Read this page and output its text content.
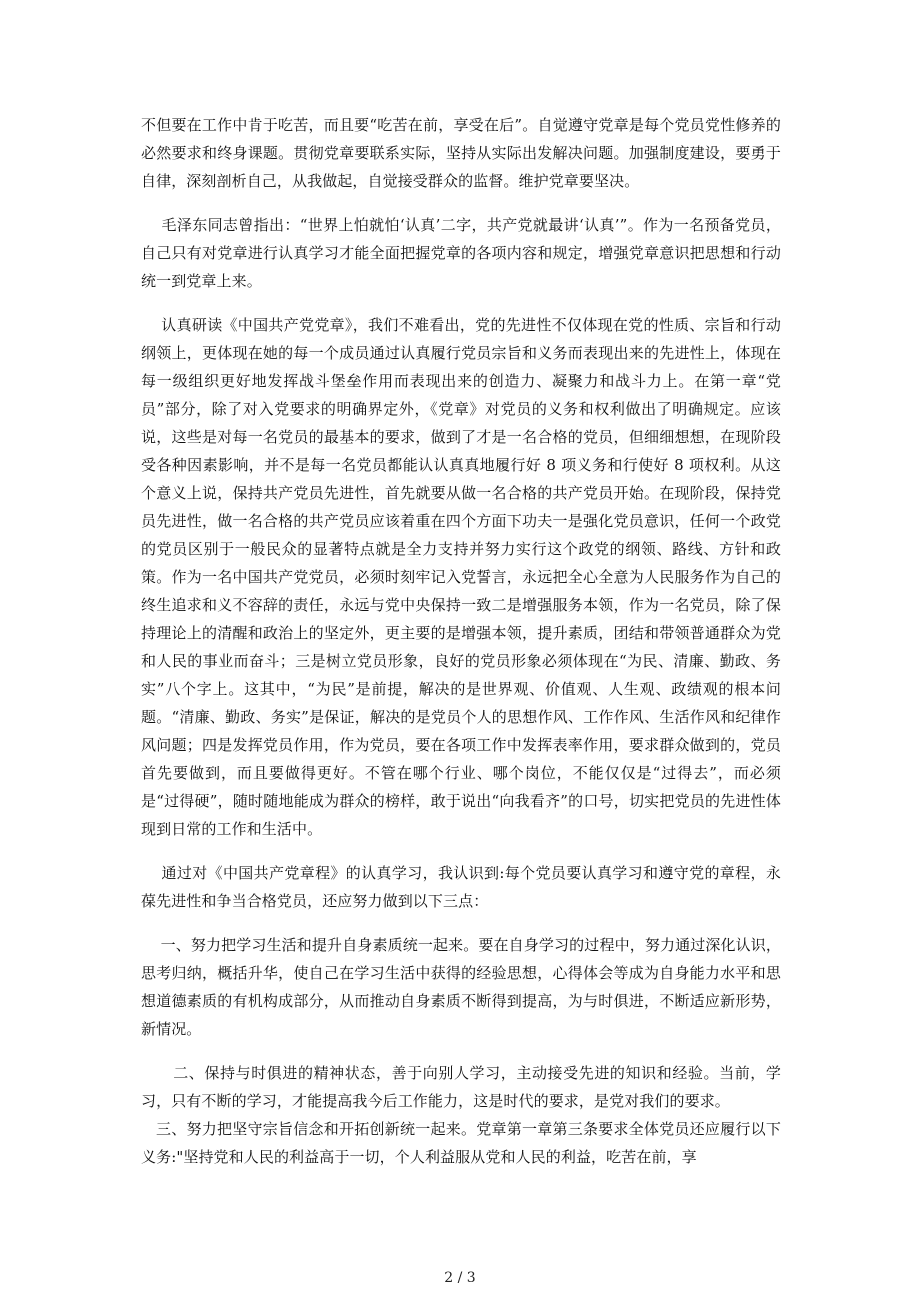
不但要在工作中肯于吃苦，而且要“吃苦在前，享受在后”。自觉遵守党章是每个党员党性修养的必然要求和终身课题。贯彻党章要联系实际，坚持从实际出发解决问题。加强制度建设，要勇于自律，深刻剖析自己，从我做起，自觉接受群众的监督。维护党章要坚决。

毛泽东同志曾指出：“世界上怕就怕‘认真’二字，共产党就最讲‘认真’”。作为一名预备党员，自己只有对党章进行认真学习才能全面把握党章的各项内容和规定，增强党章意识把思想和行动统一到党章上来。

认真研读《中国共产党党章》，我们不难看出，党的先进性不仅体现在党的性质、宗旨和行动纲领上，更体现在她的每一个成员通过认真履行党员宗旨和义务而表现出来的先进性上，体现在每一级组织更好地发挥战斗堡垒作用而表现出来的创造力、凝聚力和战斗力上。在第一章“党员”部分，除了对入党要求的明确界定外，《党章》对党员的义务和权利做出了明确规定。应该说，这些是对每一名党员的最基本的要求，做到了才是一名合格的党员，但细细想想，在现阶段受各种因素影响，并不是每一名党员都能认认真真地履行好 8 项义务和行使好 8 项权利。从这个意义上说，保持共产党员先进性，首先就要从做一名合格的共产党员开始。在现阶段，保持党员先进性，做一名合格的共产党员应该着重在四个方面下功夫一是强化党员意识，任何一个政党的党员区别于一般民众的显著特点就是全力支持并努力实行这个政党的纲领、路线、方针和政策。作为一名中国共产党党员，必须时刻牢记入党誓言，永远把全心全意为人民服务作为自己的终生追求和义不容辞的责任，永远与党中央保持一致二是增强服务本领，作为一名党员，除了保持理论上的清醒和政治上的坚定外，更主要的是增强本领，提升素质，团结和带领普通群众为党和人民的事业而奋斗；三是树立党员形象，良好的党员形象必须体现在“为民、清廉、勤政、务实”八个字上。这其中，“为民”是前提，解决的是世界观、价值观、人生观、政绩观的根本问题。“清廉、勤政、务实”是保证，解决的是党员个人的思想作风、工作作风、生活作风和纪律作风问题；四是发挥党员作用，作为党员，要在各项工作中发挥表率作用，要求群众做到的，党员首先要做到，而且要做得更好。不管在哪个行业、哪个岗位，不能仅仅是“过得去”，而必须是“过得硬”，随时随地能成为群众的榜样，敢于说出“向我看齐”的口号，切实把党员的先进性体现到日常的工作和生活中。

通过对《中国共产党章程》的认真学习，我认识到:每个党员要认真学习和遵守党的章程，永葆先进性和争当合格党员，还应努力做到以下三点：

一、努力把学习生活和提升自身素质统一起来。要在自身学习的过程中，努力通过深化认识，思考归纳，概括升华，使自己在学习生活中获得的经验思想，心得体会等成为自身能力水平和思想道德素质的有机构成部分，从而推动自身素质不断得到提高，为与时俱进，不断适应新形势，新情况。

二、保持与时俱进的精神状态，善于向别人学习，主动接受先进的知识和经验。当前，学习，只有不断的学习，才能提高我今后工作能力，这是时代的要求，是党对我们的要求。

三、努力把坚守宗旨信念和开拓创新统一起来。党章第一章第三条要求全体党员还应履行以下义务:"坚持党和人民的利益高于一切，个人利益服从党和人民的利益，吃苦在前，享

2 / 3
